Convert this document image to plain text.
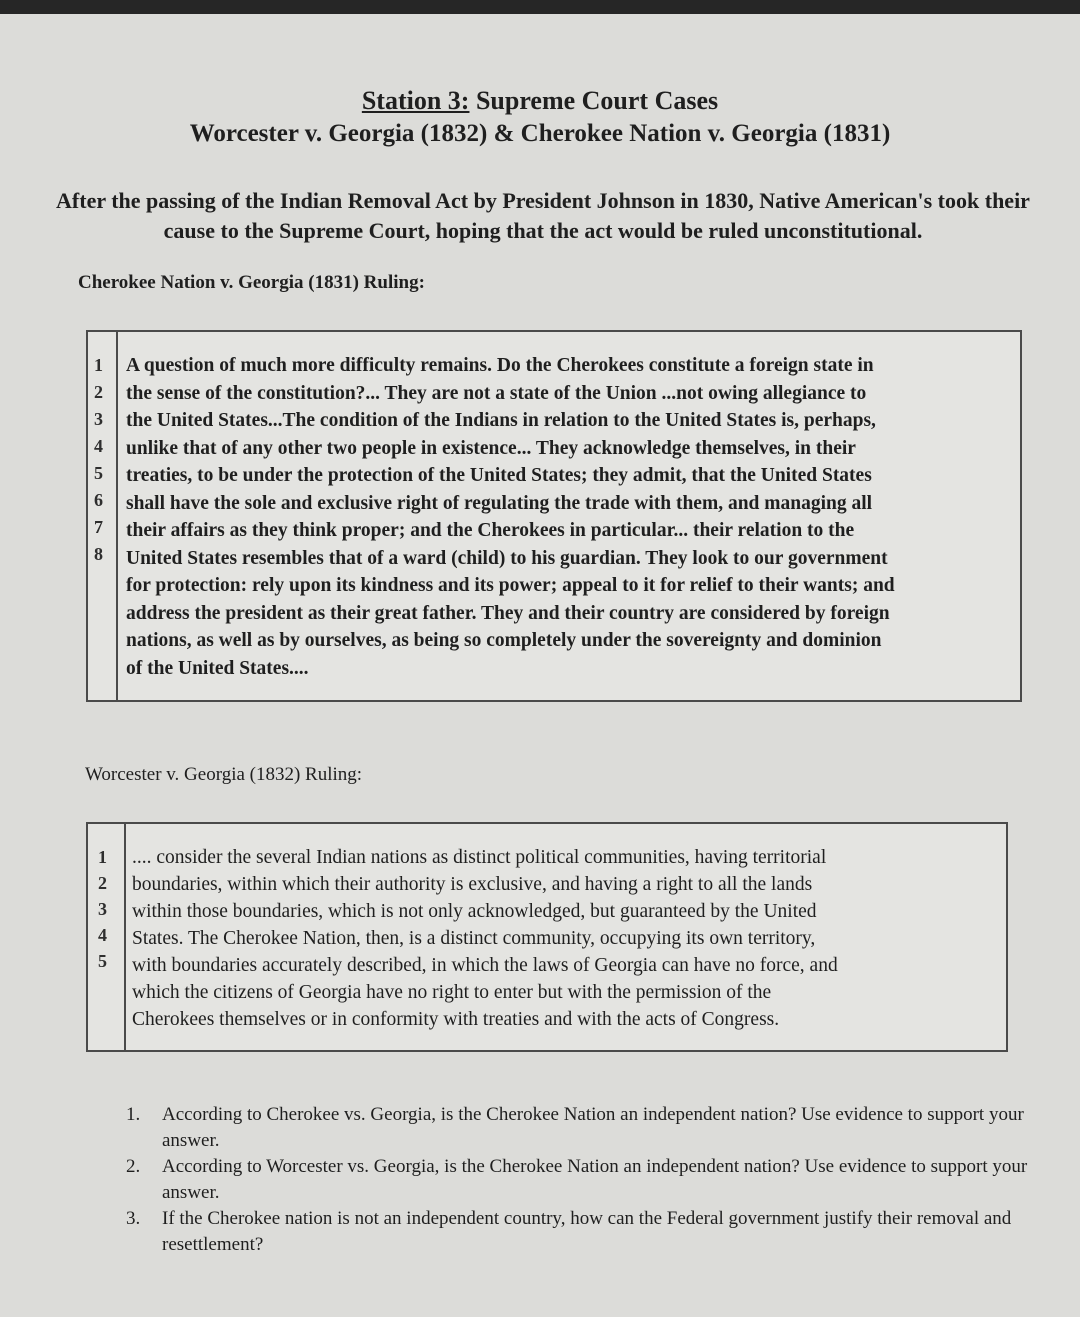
Station 3: Supreme Court Cases
Worcester v. Georgia (1832) & Cherokee Nation v. Georgia (1831)
After the passing of the Indian Removal Act by President Johnson in 1830, Native American's took their cause to the Supreme Court, hoping that the act would be ruled unconstitutional.
Cherokee Nation v. Georgia (1831) Ruling:
1
2
3
4
5
6
7
8
A question of much more difficulty remains. Do the Cherokees constitute a foreign state in
the sense of the constitution?... They are not a state of the Union ...not owing allegiance to
the United States...The condition of the Indians in relation to the United States is, perhaps,
unlike that of any other two people in existence... They acknowledge themselves, in their
treaties, to be under the protection of the United States; they admit, that the United States
shall have the sole and exclusive right of regulating the trade with them, and managing all
their affairs as they think proper; and the Cherokees in particular... their relation to the
United States resembles that of a ward (child) to his guardian. They look to our government
for protection: rely upon its kindness and its power; appeal to it for relief to their wants; and
address the president as their great father. They and their country are considered by foreign
nations, as well as by ourselves, as being so completely under the sovereignty and dominion
of the United States....
Worcester v. Georgia (1832) Ruling:
1
2
3
4
5
.... consider the several Indian nations as distinct political communities, having territorial
boundaries, within which their authority is exclusive, and having a right to all the lands
within those boundaries, which is not only acknowledged, but guaranteed by the United
States. The Cherokee Nation, then, is a distinct community, occupying its own territory,
with boundaries accurately described, in which the laws of Georgia can have no force, and
which the citizens of Georgia have no right to enter but with the permission of the
Cherokees themselves or in conformity with treaties and with the acts of Congress.
1.	According to Cherokee vs. Georgia, is the Cherokee Nation an independent nation? Use evidence to support your answer.
2.	According to Worcester vs. Georgia, is the Cherokee Nation an independent nation? Use evidence to support your answer.
3.	If the Cherokee nation is not an independent country, how can the Federal government justify their removal and resettlement?
